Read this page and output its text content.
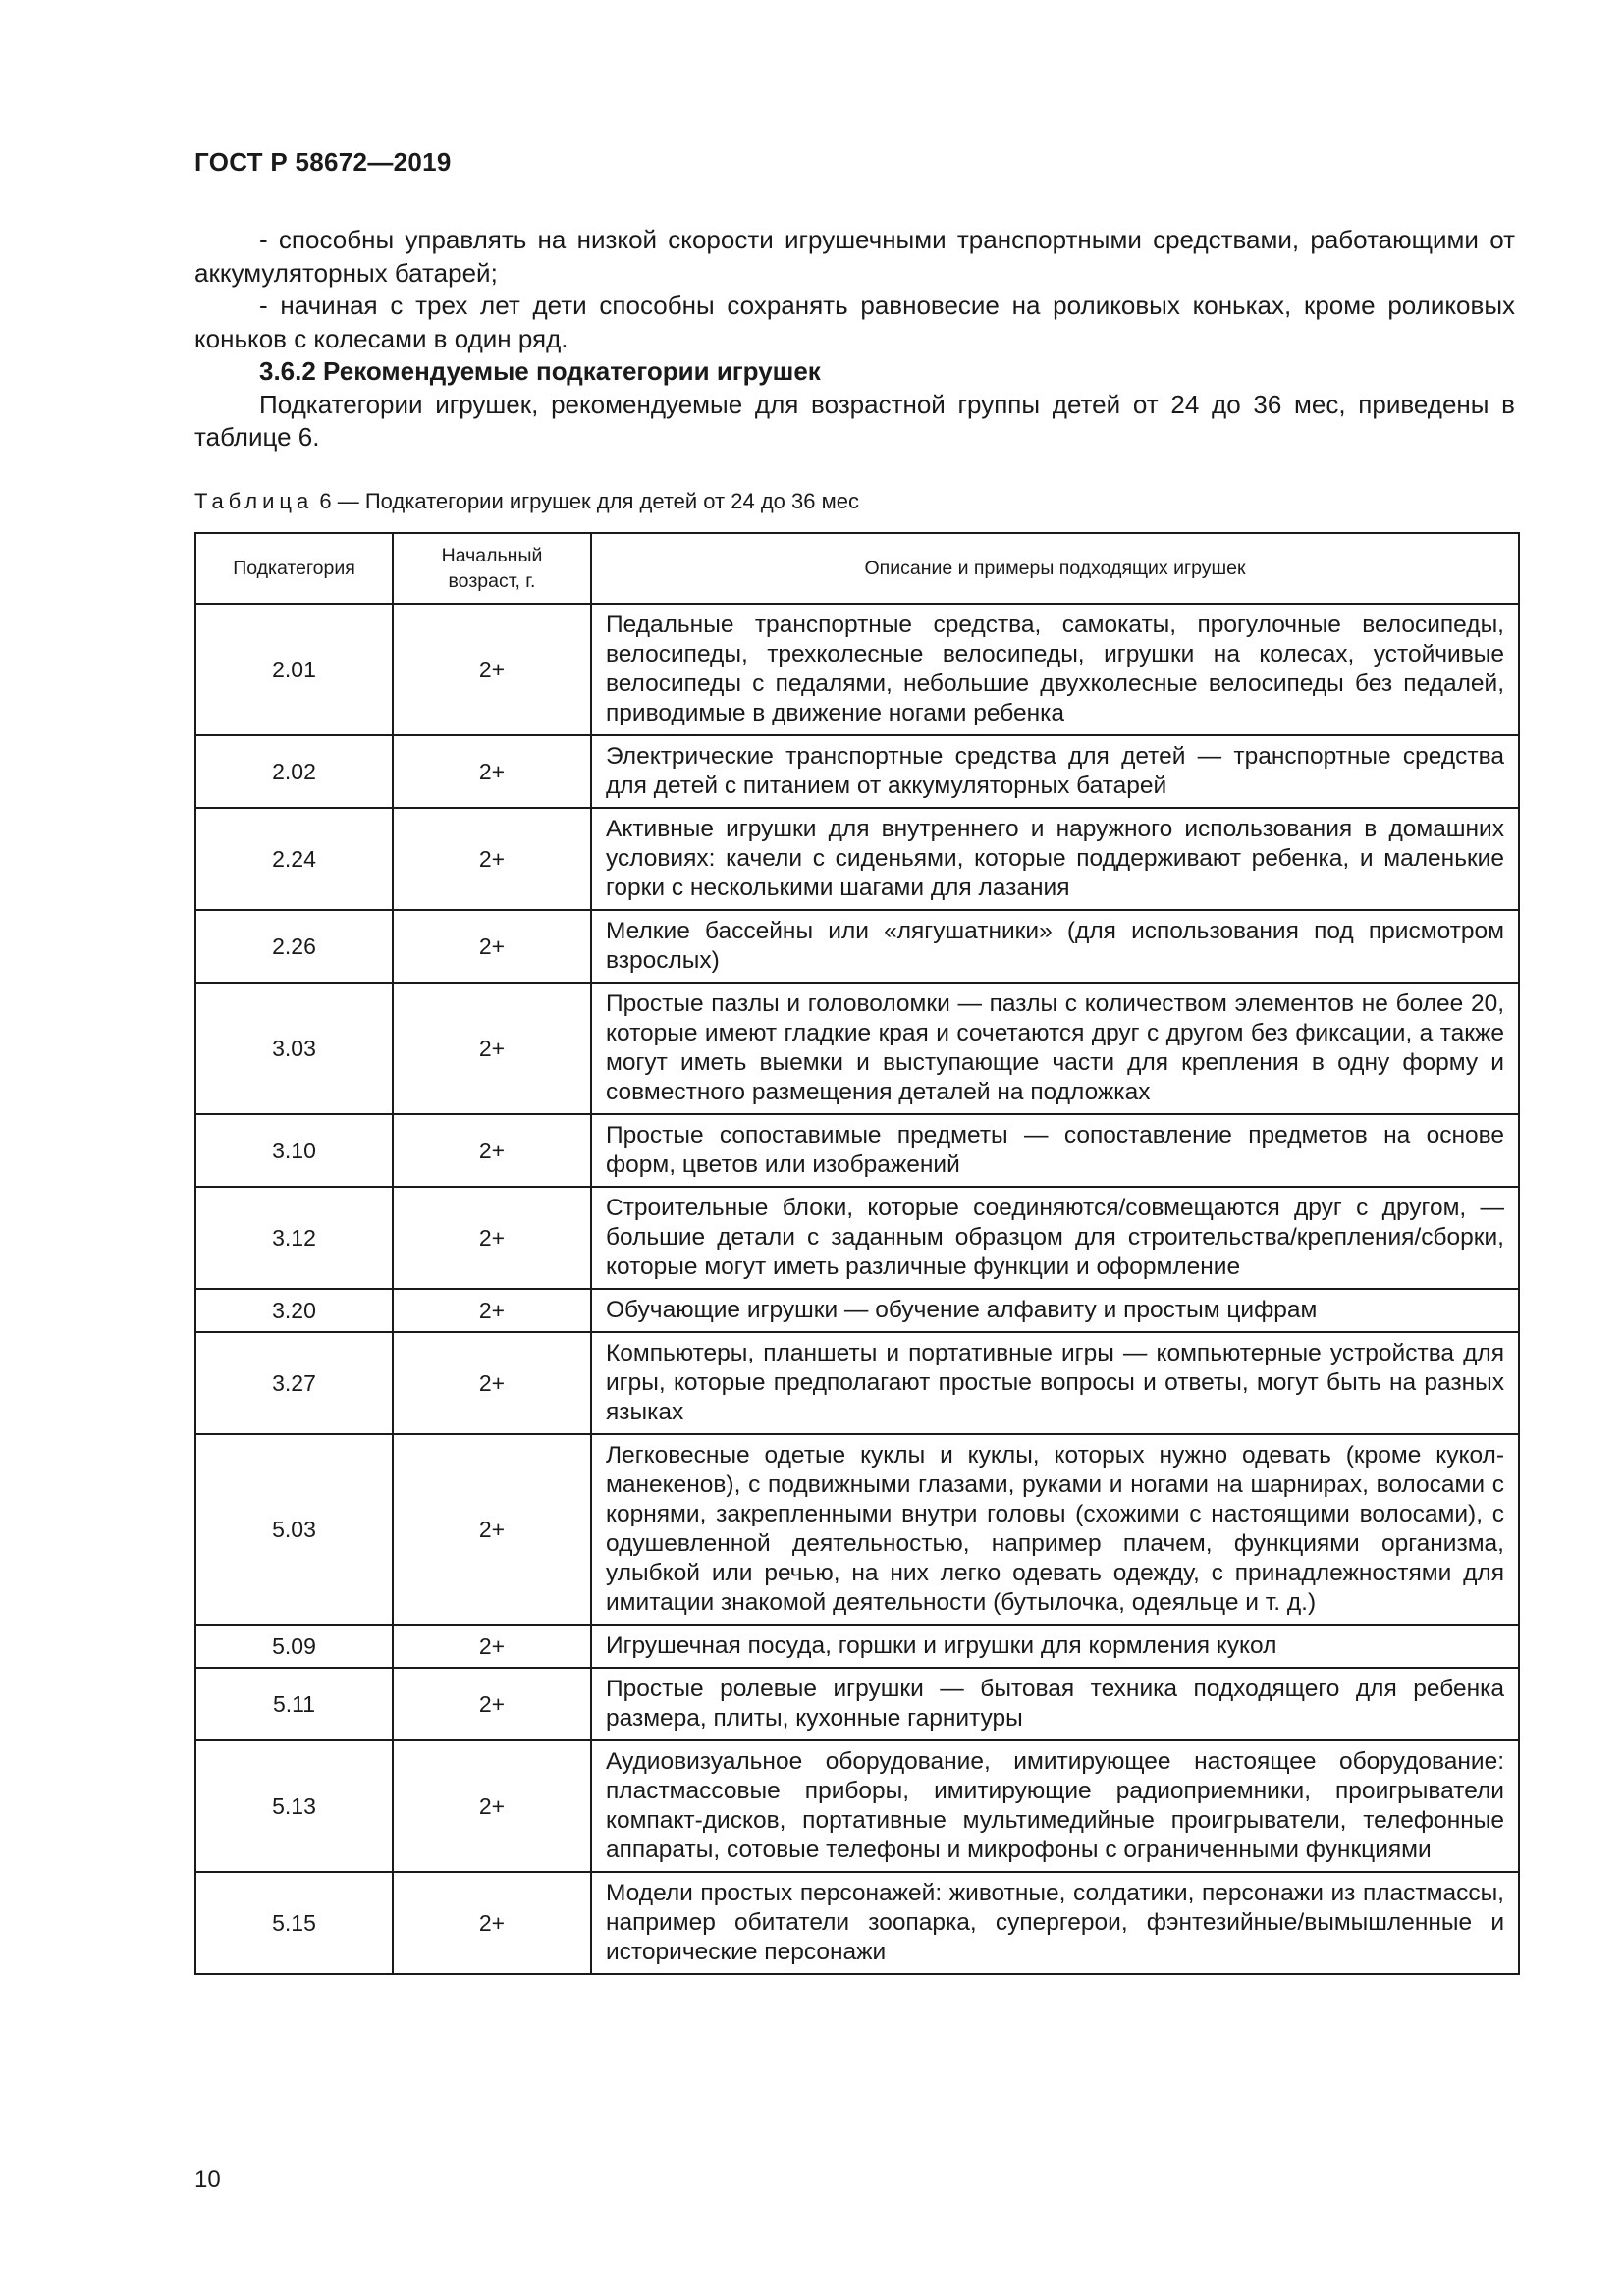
ГОСТ Р 58672—2019

- способны управлять на низкой скорости игрушечными транспортными средствами, работающими от аккумуляторных батарей;

- начиная с трех лет дети способны сохранять равновесие на роликовых коньках, кроме роликовых коньков с колесами в один ряд.

3.6.2 Рекомендуемые подкатегории игрушек

Подкатегории игрушек, рекомендуемые для возрастной группы детей от 24 до 36 мес, приведены в таблице 6.

Таблица 6 — Подкатегории игрушек для детей от 24 до 36 мес
Подкатегория	Начальный возраст, г.	Описание и примеры подходящих игрушек
2.01	2+	Педальные транспортные средства, самокаты, прогулочные велосипеды, велосипеды, трехколесные велосипеды, игрушки на колесах, устойчивые велосипеды с педалями, небольшие двухколесные велосипеды без педалей, приводимые в движение ногами ребенка
2.02	2+	Электрические транспортные средства для детей — транспортные средства для детей с питанием от аккумуляторных батарей
2.24	2+	Активные игрушки для внутреннего и наружного использования в домашних условиях: качели с сиденьями, которые поддерживают ребенка, и маленькие горки с несколькими шагами для лазания
2.26	2+	Мелкие бассейны или «лягушатники» (для использования под присмотром взрослых)
3.03	2+	Простые пазлы и головоломки — пазлы с количеством элементов не более 20, которые имеют гладкие края и сочетаются друг с другом без фиксации, а также могут иметь выемки и выступающие части для крепления в одну форму и совместного размещения деталей на подложках
3.10	2+	Простые сопоставимые предметы — сопоставление предметов на основе форм, цветов или изображений
3.12	2+	Строительные блоки, которые соединяются/совмещаются друг с другом, — большие детали с заданным образцом для строительства/крепления/сборки, которые могут иметь различные функции и оформление
3.20	2+	Обучающие игрушки — обучение алфавиту и простым цифрам
3.27	2+	Компьютеры, планшеты и портативные игры — компьютерные устройства для игры, которые предполагают простые вопросы и ответы, могут быть на разных языках
5.03	2+	Легковесные одетые куклы и куклы, которых нужно одевать (кроме кукол-манекенов), с подвижными глазами, руками и ногами на шарнирах, волосами с корнями, закрепленными внутри головы (схожими с настоящими волосами), с одушевленной деятельностью, например плачем, функциями организма, улыбкой или речью, на них легко одевать одежду, с принадлежностями для имитации знакомой деятельности (бутылочка, одеяльце и т. д.)
5.09	2+	Игрушечная посуда, горшки и игрушки для кормления кукол
5.11	2+	Простые ролевые игрушки — бытовая техника подходящего для ребенка размера, плиты, кухонные гарнитуры
5.13	2+	Аудиовизуальное оборудование, имитирующее настоящее оборудование: пластмассовые приборы, имитирующие радиоприемники, проигрыватели компакт-дисков, портативные мультимедийные проигрыватели, телефонные аппараты, сотовые телефоны и микрофоны с ограниченными функциями
5.15	2+	Модели простых персонажей: животные, солдатики, персонажи из пластмассы, например обитатели зоопарка, супергерои, фэнтезийные/вымышленные и исторические персонажи
10
